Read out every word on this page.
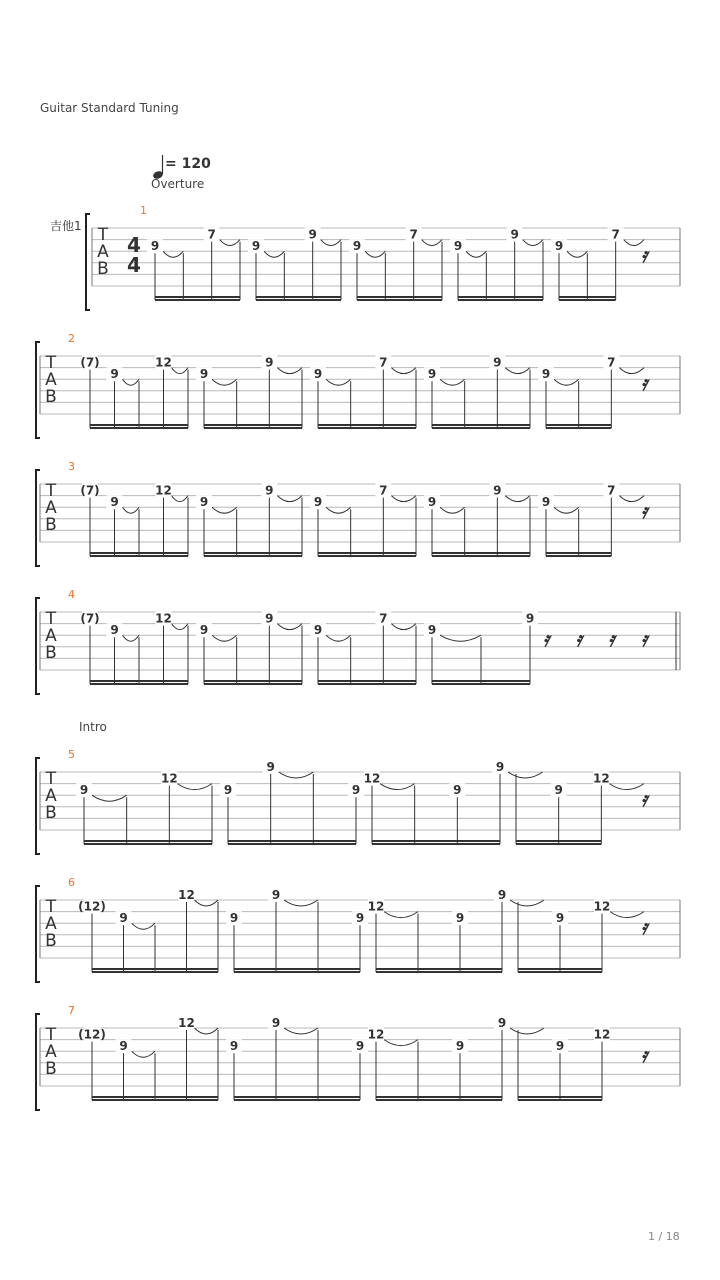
Guitar Standard Tuning
= 120
Overture
Intro
吉他1 T
A
B
4
4
1
9
7
9
9
9
7
9
9
9
7
𝄿
T
A
B
2
(7)
9
12
9
9
9
7
9
9
9
7
𝄿
T
A
B
3
(7)
9
12
9
9
9
7
9
9
9
7
𝄿
T
A
B
4
(7)
9
12
9
9
9
7
9
9
𝄿 𝄿 𝄿 𝄿
T
A
B
5
9
12
9
9
9
12
9
9
9
12
𝄿
T
A
B
6
(12)
9
12
9
9
9
12
9
9
9
12
𝄿
T
A
B
7
(12)
9
12
9
9
9
12
9
9
9
12
𝄿
1 / 18
